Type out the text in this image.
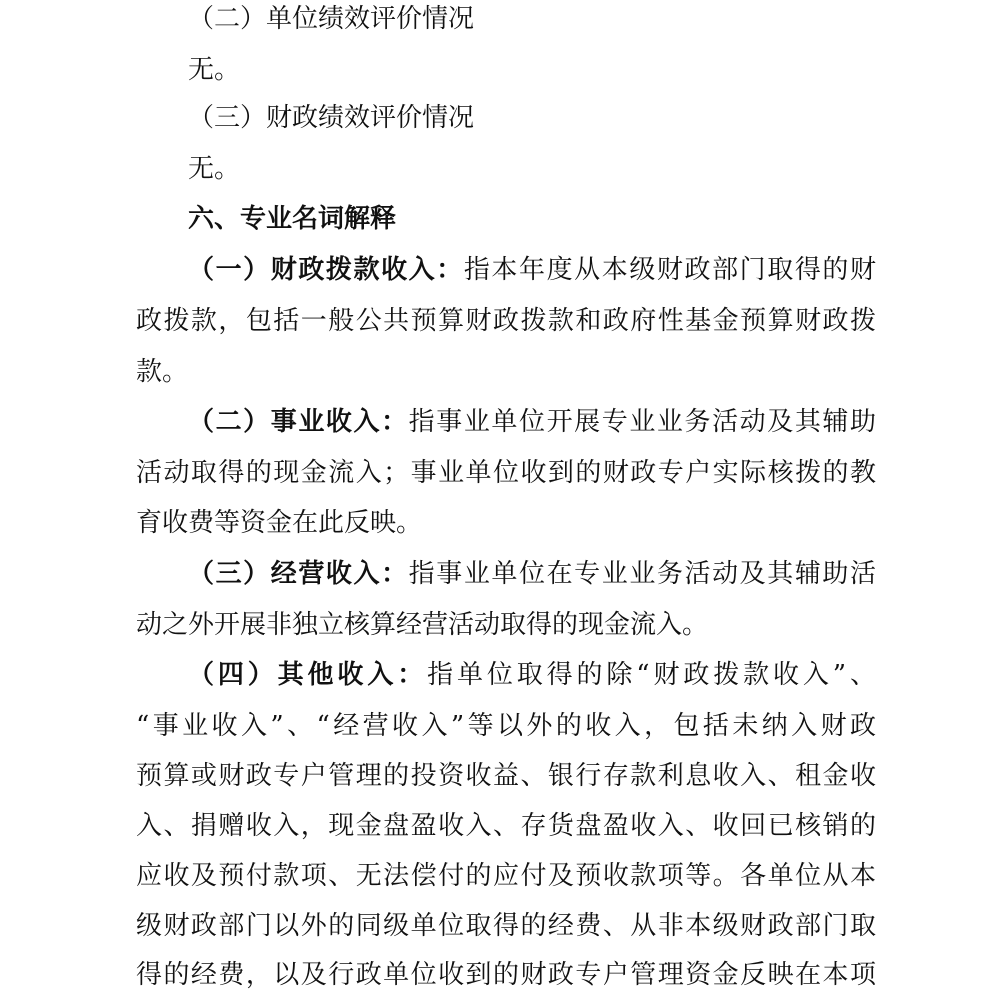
（二）单位绩效评价情况
无。
（三）财政绩效评价情况
无。
六、专业名词解释
（一）财政拨款收入：指本年度从本级财政部门取得的财
政拨款，包括一般公共预算财政拨款和政府性基金预算财政拨
款。
（二）事业收入：指事业单位开展专业业务活动及其辅助
活动取得的现金流入；事业单位收到的财政专户实际核拨的教
育收费等资金在此反映。
（三）经营收入：指事业单位在专业业务活动及其辅助活
动之外开展非独立核算经营活动取得的现金流入。
（四）其他收入：指单位取得的除“财政拨款收入”、
“事业收入”、“经营收入”等以外的收入，包括未纳入财政
预算或财政专户管理的投资收益、银行存款利息收入、租金收
入、捐赠收入，现金盘盈收入、存货盘盈收入、收回已核销的
应收及预付款项、无法偿付的应付及预收款项等。各单位从本
级财政部门以外的同级单位取得的经费、从非本级财政部门取
得的经费，以及行政单位收到的财政专户管理资金反映在本项
